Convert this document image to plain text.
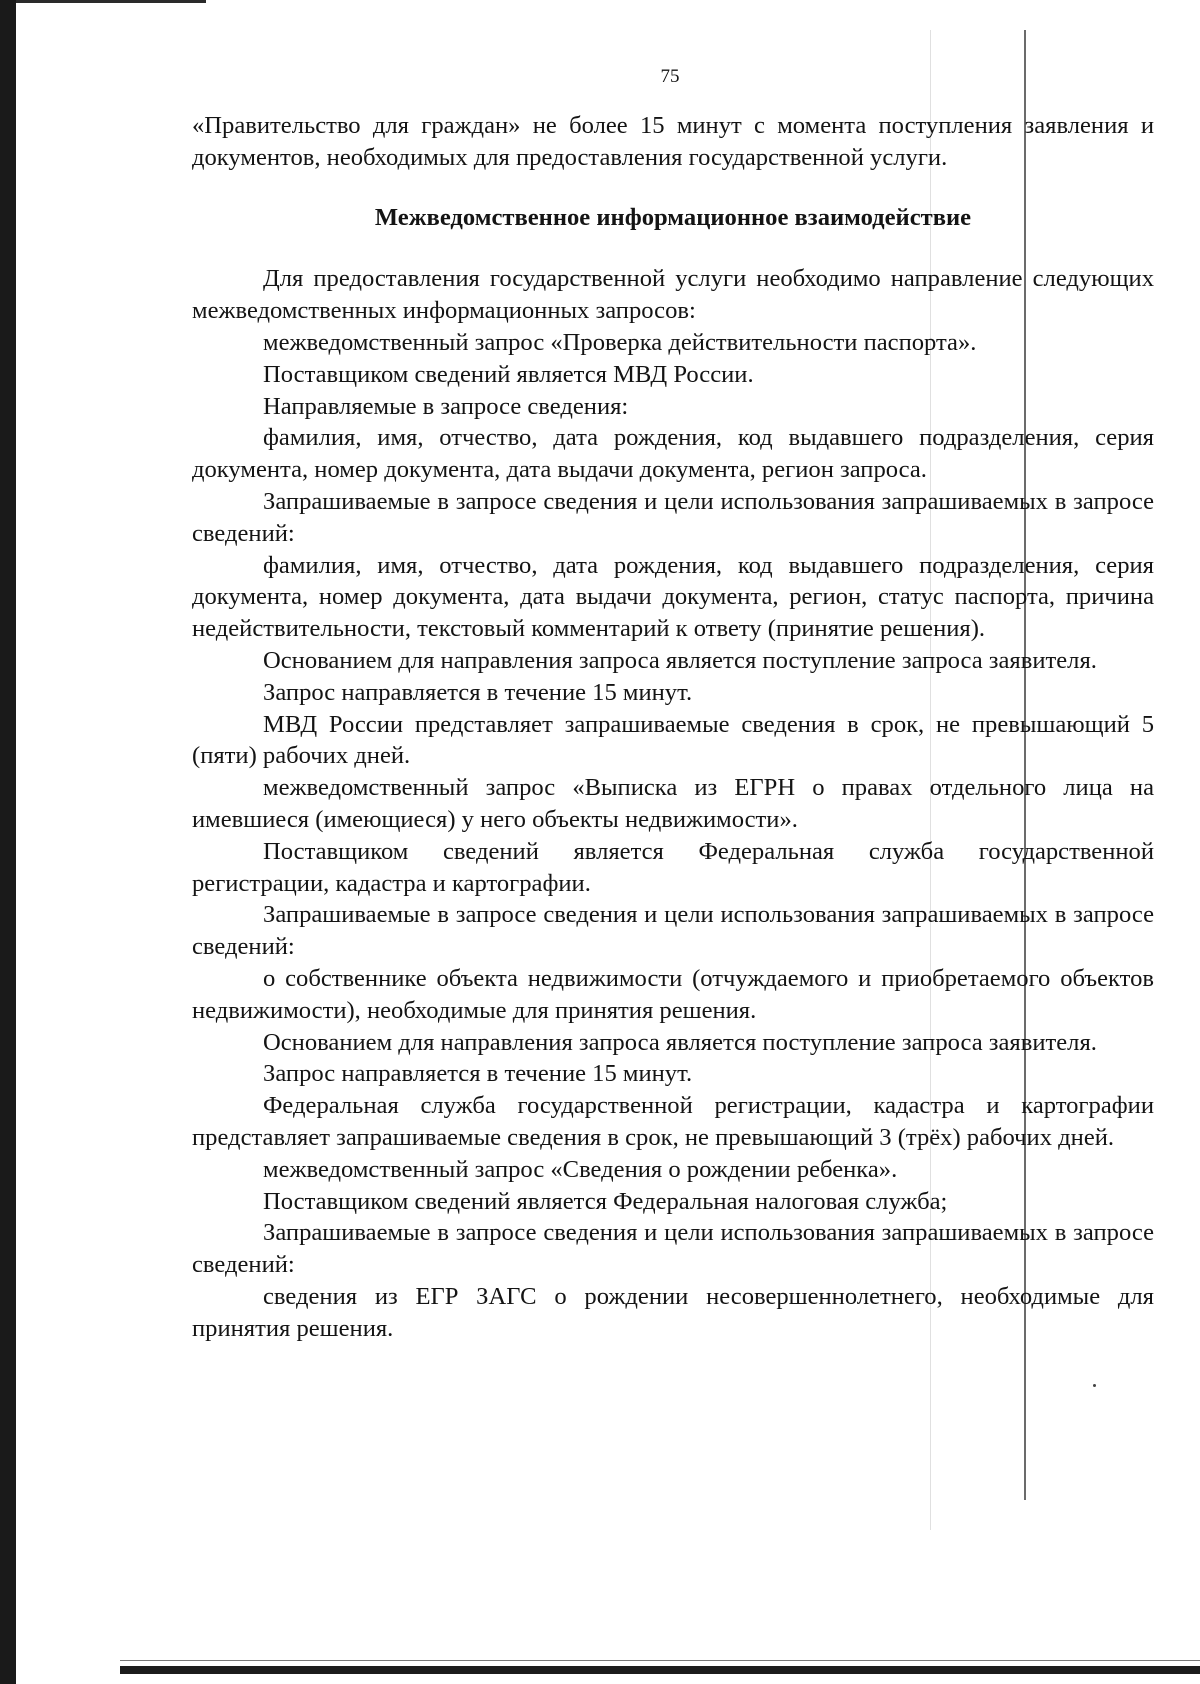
75

«Правительство для граждан» не более 15 минут с момента поступления заявления и документов, необходимых для предоставления государственной услуги.

Межведомственное информационное взаимодействие

Для предоставления государственной услуги необходимо направление следующих межведомственных информационных запросов:

межведомственный запрос «Проверка действительности паспорта».

Поставщиком сведений является МВД России.

Направляемые в запросе сведения:

фамилия, имя, отчество, дата рождения, код выдавшего подразделения, серия документа, номер документа, дата выдачи документа, регион запроса.

Запрашиваемые в запросе сведения и цели использования запрашиваемых в запросе сведений:

фамилия, имя, отчество, дата рождения, код выдавшего подразделения, серия документа, номер документа, дата выдачи документа, регион, статус паспорта, причина недействительности, текстовый комментарий к ответу (принятие решения).

Основанием для направления запроса является поступление запроса заявителя.

Запрос направляется в течение 15 минут.

МВД России представляет запрашиваемые сведения в срок, не превышающий 5 (пяти) рабочих дней.

межведомственный запрос «Выписка из ЕГРН о правах отдельного лица на имевшиеся (имеющиеся) у него объекты недвижимости».

Поставщиком сведений является Федеральная служба государственной регистрации, кадастра и картографии.

Запрашиваемые в запросе сведения и цели использования запрашиваемых в запросе сведений:

о собственнике объекта недвижимости (отчуждаемого и приобретаемого объектов недвижимости), необходимые для принятия решения.

Основанием для направления запроса является поступление запроса заявителя.

Запрос направляется в течение 15 минут.

Федеральная служба государственной регистрации, кадастра и картографии представляет запрашиваемые сведения в срок, не превышающий 3 (трёх) рабочих дней.

межведомственный запрос «Сведения о рождении ребенка».

Поставщиком сведений является Федеральная налоговая служба;

Запрашиваемые в запросе сведения и цели использования запрашиваемых в запросе сведений:

сведения из ЕГР ЗАГС о рождении несовершеннолетнего, необходимые для принятия решения.
